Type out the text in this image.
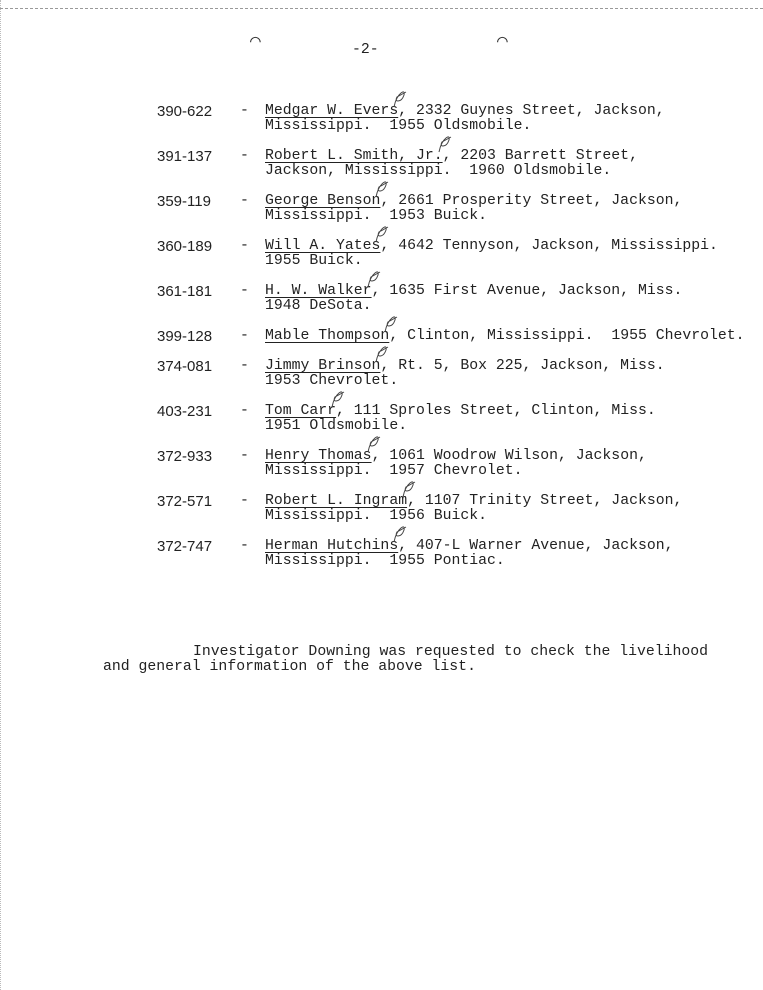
⌒	⌒
-2-
390-622 - Medgar W. Evers
, 2332 Guynes Street, Jackson,
Mississippi.  1955 Oldsmobile.
391-137 - Robert L. Smith, Jr.
, 2203 Barrett Street,
Jackson, Mississippi.  1960 Oldsmobile.
359-119 - George Benson
, 2661 Prosperity Street, Jackson,
Mississippi.  1953 Buick.
360-189 - Will A. Yates
, 4642 Tennyson, Jackson, Mississippi.
1955 Buick.
361-181 - H. W. Walker
, 1635 First Avenue, Jackson, Miss.
1948 DeSota.
399-128 - Mable Thompson
, Clinton, Mississippi.  1955 Chevrolet.
374-081 - Jimmy Brinson
, Rt. 5, Box 225, Jackson, Miss.
1953 Chevrolet.
403-231 - Tom Carr
, 111 Sproles Street, Clinton, Miss.
1951 Oldsmobile.
372-933 - Henry Thomas
, 1061 Woodrow Wilson, Jackson,
Mississippi.  1957 Chevrolet.
372-571 - Robert L. Ingram
, 1107 Trinity Street, Jackson,
Mississippi.  1956 Buick.
372-747 - Herman Hutchins
, 407-L Warner Avenue, Jackson,
Mississippi.  1955 Pontiac.
Investigator Downing was requested to check the livelihood
and general information of the above list.
